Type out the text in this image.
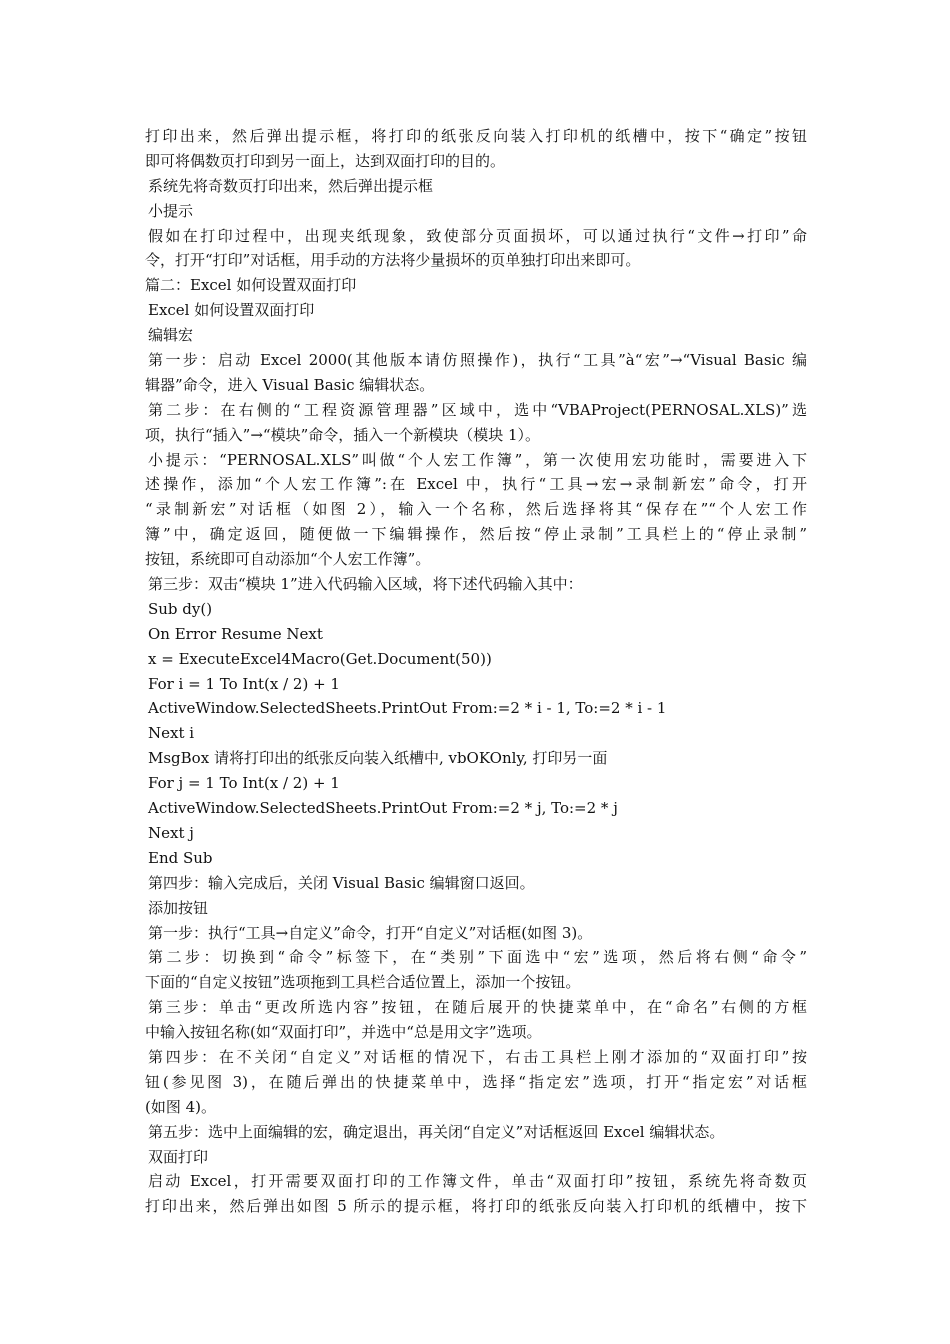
打印出来，然后弹出提示框，将打印的纸张反向装入打印机的纸槽中，按下“确定”按钮
即可将偶数页打印到另一面上，达到双面打印的目的。
系统先将奇数页打印出来，然后弹出提示框
小提示
假如在打印过程中，出现夹纸现象，致使部分页面损坏，可以通过执行“文件→打印”命
令，打开“打印”对话框，用手动的方法将少量损坏的页单独打印出来即可。
篇二：Excel 如何设置双面打印
Excel 如何设置双面打印
编辑宏
第一步：启动 Excel 2000(其他版本请仿照操作)，执行“工具”à“宏”→“Visual Basic 编
辑器”命令，进入 Visual Basic 编辑状态。
第二步：在右侧的“工程资源管理器”区域中，选中“VBAProject(PERNOSAL.XLS)”选
项，执行“插入”→“模块”命令，插入一个新模块（模块 1）。
小提示：“PERNOSAL.XLS”叫做“个人宏工作簿”，第一次使用宏功能时，需要进入下
述操作，添加“个人宏工作簿”:在 Excel 中，执行“工具→宏→录制新宏”命令，打开
“录制新宏”对话框（如图 2），输入一个名称，然后选择将其“保存在”“个人宏工作
簿”中，确定返回，随便做一下编辑操作，然后按“停止录制”工具栏上的“停止录制”
按钮，系统即可自动添加“个人宏工作簿”。
第三步：双击“模块 1”进入代码输入区域，将下述代码输入其中：
Sub dy()
On Error Resume Next
x = ExecuteExcel4Macro(Get.Document(50))
For i = 1 To Int(x / 2) + 1
ActiveWindow.SelectedSheets.PrintOut From:=2 * i - 1, To:=2 * i - 1
Next i
MsgBox 请将打印出的纸张反向装入纸槽中, vbOKOnly, 打印另一面
For j = 1 To Int(x / 2) + 1
ActiveWindow.SelectedSheets.PrintOut From:=2 * j, To:=2 * j
Next j
End Sub
第四步：输入完成后，关闭 Visual Basic 编辑窗口返回。
添加按钮
第一步：执行“工具→自定义”命令，打开“自定义”对话框(如图 3)。
第二步：切换到“命令”标签下，在“类别”下面选中“宏”选项，然后将右侧“命令”
下面的“自定义按钮”选项拖到工具栏合适位置上，添加一个按钮。
第三步：单击“更改所选内容”按钮，在随后展开的快捷菜单中，在“命名”右侧的方框
中输入按钮名称(如“双面打印”，并选中“总是用文字”选项。
第四步：在不关闭“自定义”对话框的情况下，右击工具栏上刚才添加的“双面打印”按
钮(参见图 3)，在随后弹出的快捷菜单中，选择“指定宏”选项，打开“指定宏”对话框
(如图 4)。
第五步：选中上面编辑的宏，确定退出，再关闭“自定义”对话框返回 Excel 编辑状态。
双面打印
启动 Excel，打开需要双面打印的工作簿文件，单击“双面打印”按钮，系统先将奇数页
打印出来，然后弹出如图 5 所示的提示框，将打印的纸张反向装入打印机的纸槽中，按下
